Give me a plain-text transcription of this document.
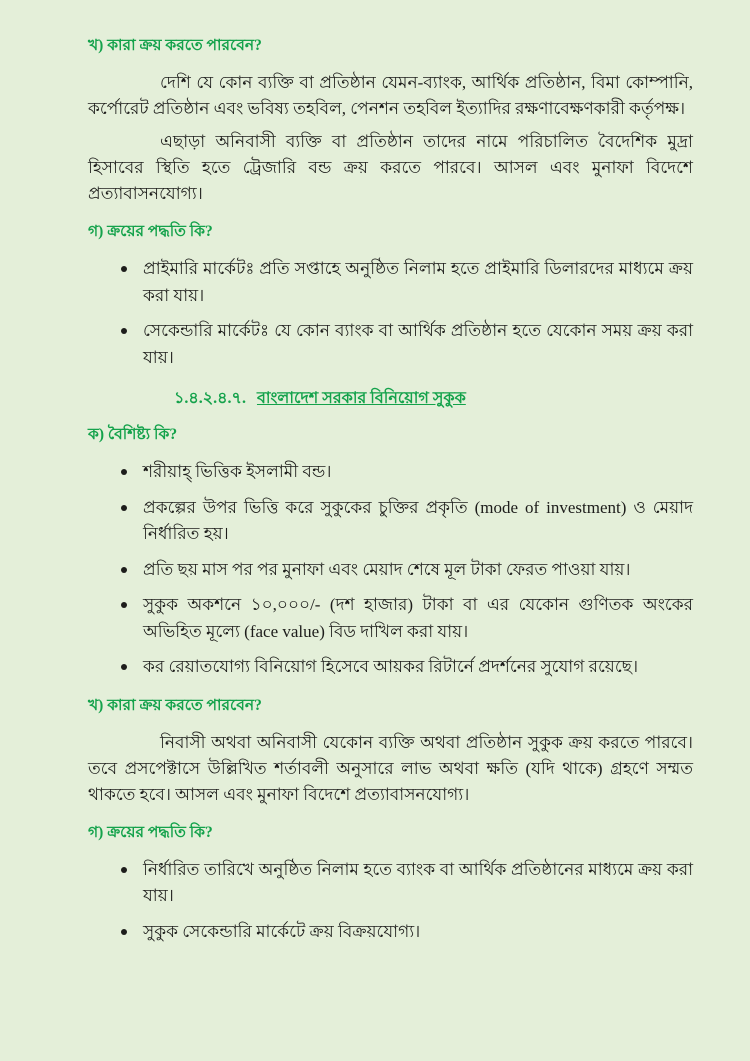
খ) কারা ক্রয় করতে পারবেন?

দেশি যে কোন ব্যক্তি বা প্রতিষ্ঠান যেমন-ব্যাংক, আর্থিক প্রতিষ্ঠান, বিমা কোম্পানি, কর্পোরেট প্রতিষ্ঠান এবং ভবিষ্য তহবিল, পেনশন তহবিল ইত্যাদির রক্ষণাবেক্ষণকারী কর্তৃপক্ষ।

এছাড়া অনিবাসী ব্যক্তি বা প্রতিষ্ঠান তাদের নামে পরিচালিত বৈদেশিক মুদ্রা হিসাবের স্থিতি হতে ট্রেজারি বন্ড ক্রয় করতে পারবে। আসল এবং মুনাফা বিদেশে প্রত্যাবাসনযোগ্য।

গ) ক্রয়ের পদ্ধতি কি?
প্রাইমারি মার্কেটঃ প্রতি সপ্তাহে অনুষ্ঠিত নিলাম হতে প্রাইমারি ডিলারদের মাধ্যমে ক্রয় করা যায়।
সেকেন্ডারি মার্কেটঃ যে কোন ব্যাংক বা আর্থিক প্রতিষ্ঠান হতে যেকোন সময় ক্রয় করা যায়।
১.৪.২.৪.৭. বাংলাদেশ সরকার বিনিয়োগ সুকুক
ক) বৈশিষ্ট্য কি?
শরীয়াহ্ ভিত্তিক ইসলামী বন্ড।
প্রকল্পের উপর ভিত্তি করে সুকুকের চুক্তির প্রকৃতি (mode of investment) ও মেয়াদ নির্ধারিত হয়।
প্রতি ছয় মাস পর পর মুনাফা এবং মেয়াদ শেষে মূল টাকা ফেরত পাওয়া যায়।
সুকুক অকশনে ১০,০০০/- (দশ হাজার) টাকা বা এর যেকোন গুণিতক অংকের অভিহিত মূল্যে (face value) বিড দাখিল করা যায়।
কর রেয়াতযোগ্য বিনিয়োগ হিসেবে আয়কর রিটার্নে প্রদর্শনের সুযোগ রয়েছে।
খ) কারা ক্রয় করতে পারবেন?

নিবাসী অথবা অনিবাসী যেকোন ব্যক্তি অথবা প্রতিষ্ঠান সুকুক ক্রয় করতে পারবে। তবে প্রসপেক্টাসে উল্লিখিত শর্তাবলী অনুসারে লাভ অথবা ক্ষতি (যদি থাকে) গ্রহণে সম্মত থাকতে হবে। আসল এবং মুনাফা বিদেশে প্রত্যাবাসনযোগ্য।

গ) ক্রয়ের পদ্ধতি কি?
নির্ধারিত তারিখে অনুষ্ঠিত নিলাম হতে ব্যাংক বা আর্থিক প্রতিষ্ঠানের মাধ্যমে ক্রয় করা যায়।
সুকুক সেকেন্ডারি মার্কেটে ক্রয় বিক্রয়যোগ্য।
